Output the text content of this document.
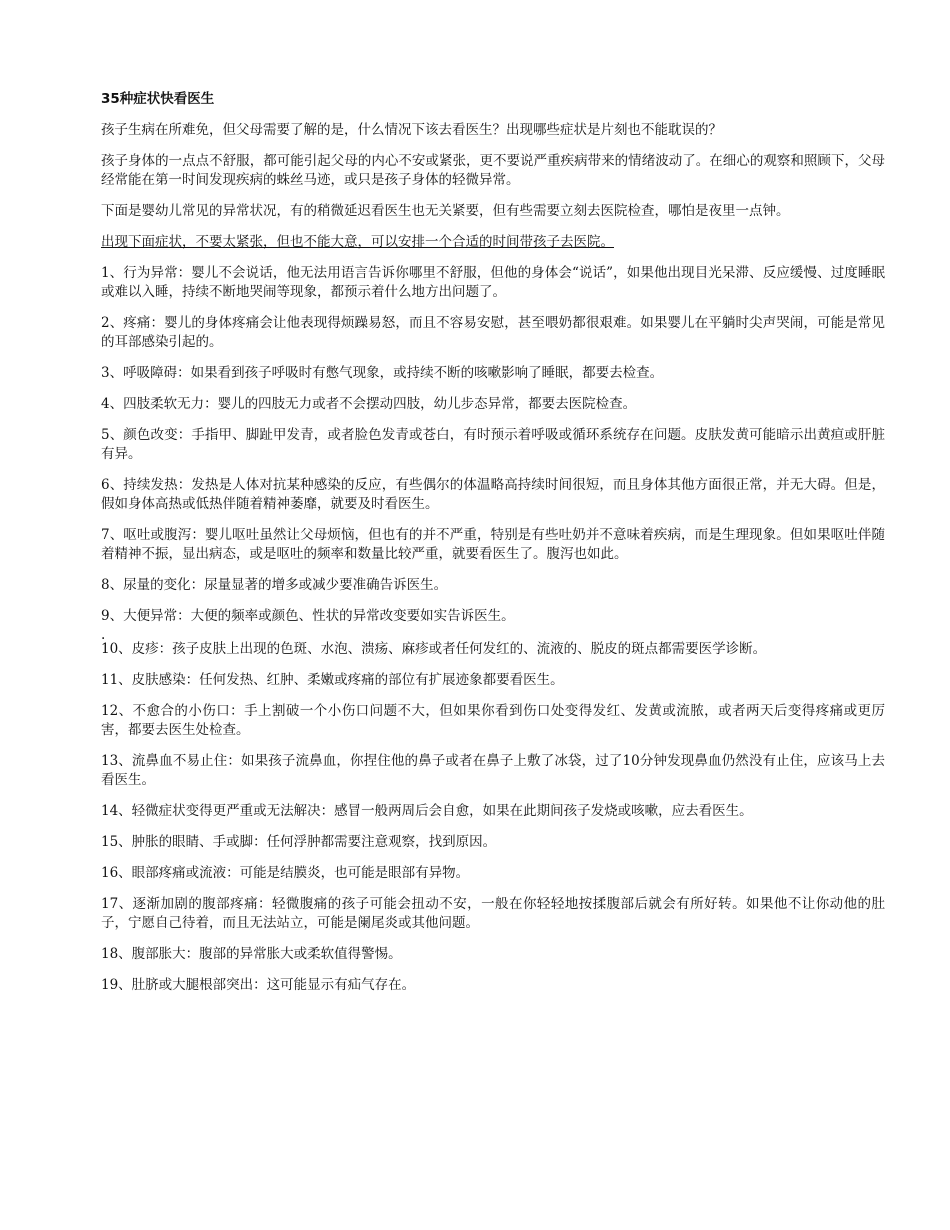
35种症状快看医生

孩子生病在所难免，但父母需要了解的是，什么情况下该去看医生？出现哪些症状是片刻也不能耽误的？

孩子身体的一点点不舒服，都可能引起父母的内心不安或紧张，更不要说严重疾病带来的情绪波动了。在细心的观察和照顾下，父母经常能在第一时间发现疾病的蛛丝马迹，或只是孩子身体的轻微异常。

下面是婴幼儿常见的异常状况，有的稍微延迟看医生也无关紧要，但有些需要立刻去医院检查，哪怕是夜里一点钟。

出现下面症状，不要太紧张，但也不能大意，可以安排一个合适的时间带孩子去医院。

1、行为异常：婴儿不会说话，他无法用语言告诉你哪里不舒服，但他的身体会“说话”，如果他出现目光呆滞、反应缓慢、过度睡眠或难以入睡，持续不断地哭闹等现象，都预示着什么地方出问题了。

2、疼痛：婴儿的身体疼痛会让他表现得烦躁易怒，而且不容易安慰，甚至喂奶都很艰难。如果婴儿在平躺时尖声哭闹，可能是常见的耳部感染引起的。

3、呼吸障碍：如果看到孩子呼吸时有憋气现象，或持续不断的咳嗽影响了睡眠，都要去检查。

4、四肢柔软无力：婴儿的四肢无力或者不会摆动四肢，幼儿步态异常，都要去医院检查。

5、颜色改变：手指甲、脚趾甲发青，或者脸色发青或苍白，有时预示着呼吸或循环系统存在问题。皮肤发黄可能暗示出黄疸或肝脏有异。

6、持续发热：发热是人体对抗某种感染的反应，有些偶尔的体温略高持续时间很短，而且身体其他方面很正常，并无大碍。但是，假如身体高热或低热伴随着精神萎靡，就要及时看医生。

7、呕吐或腹泻：婴儿呕吐虽然让父母烦恼，但也有的并不严重，特别是有些吐奶并不意味着疾病，而是生理现象。但如果呕吐伴随着精神不振，显出病态，或是呕吐的频率和数量比较严重，就要看医生了。腹泻也如此。

8、尿量的变化：尿量显著的增多或减少要准确告诉医生。

9、大便异常：大便的频率或颜色、性状的异常改变要如实告诉医生。

.

10、皮疹：孩子皮肤上出现的色斑、水泡、溃疡、麻疹或者任何发红的、流液的、脱皮的斑点都需要医学诊断。

11、皮肤感染：任何发热、红肿、柔嫩或疼痛的部位有扩展迹象都要看医生。

12、不愈合的小伤口：手上割破一个小伤口问题不大，但如果你看到伤口处变得发红、发黄或流脓，或者两天后变得疼痛或更厉害，都要去医生处检查。

13、流鼻血不易止住：如果孩子流鼻血，你捏住他的鼻子或者在鼻子上敷了冰袋，过了10分钟发现鼻血仍然没有止住，应该马上去看医生。

14、轻微症状变得更严重或无法解决：感冒一般两周后会自愈，如果在此期间孩子发烧或咳嗽，应去看医生。

15、肿胀的眼睛、手或脚：任何浮肿都需要注意观察，找到原因。

16、眼部疼痛或流液：可能是结膜炎，也可能是眼部有异物。

17、逐渐加剧的腹部疼痛：轻微腹痛的孩子可能会扭动不安，一般在你轻轻地按揉腹部后就会有所好转。如果他不让你动他的肚子，宁愿自己待着，而且无法站立，可能是阑尾炎或其他问题。

18、腹部胀大：腹部的异常胀大或柔软值得警惕。

19、肚脐或大腿根部突出：这可能显示有疝气存在。
